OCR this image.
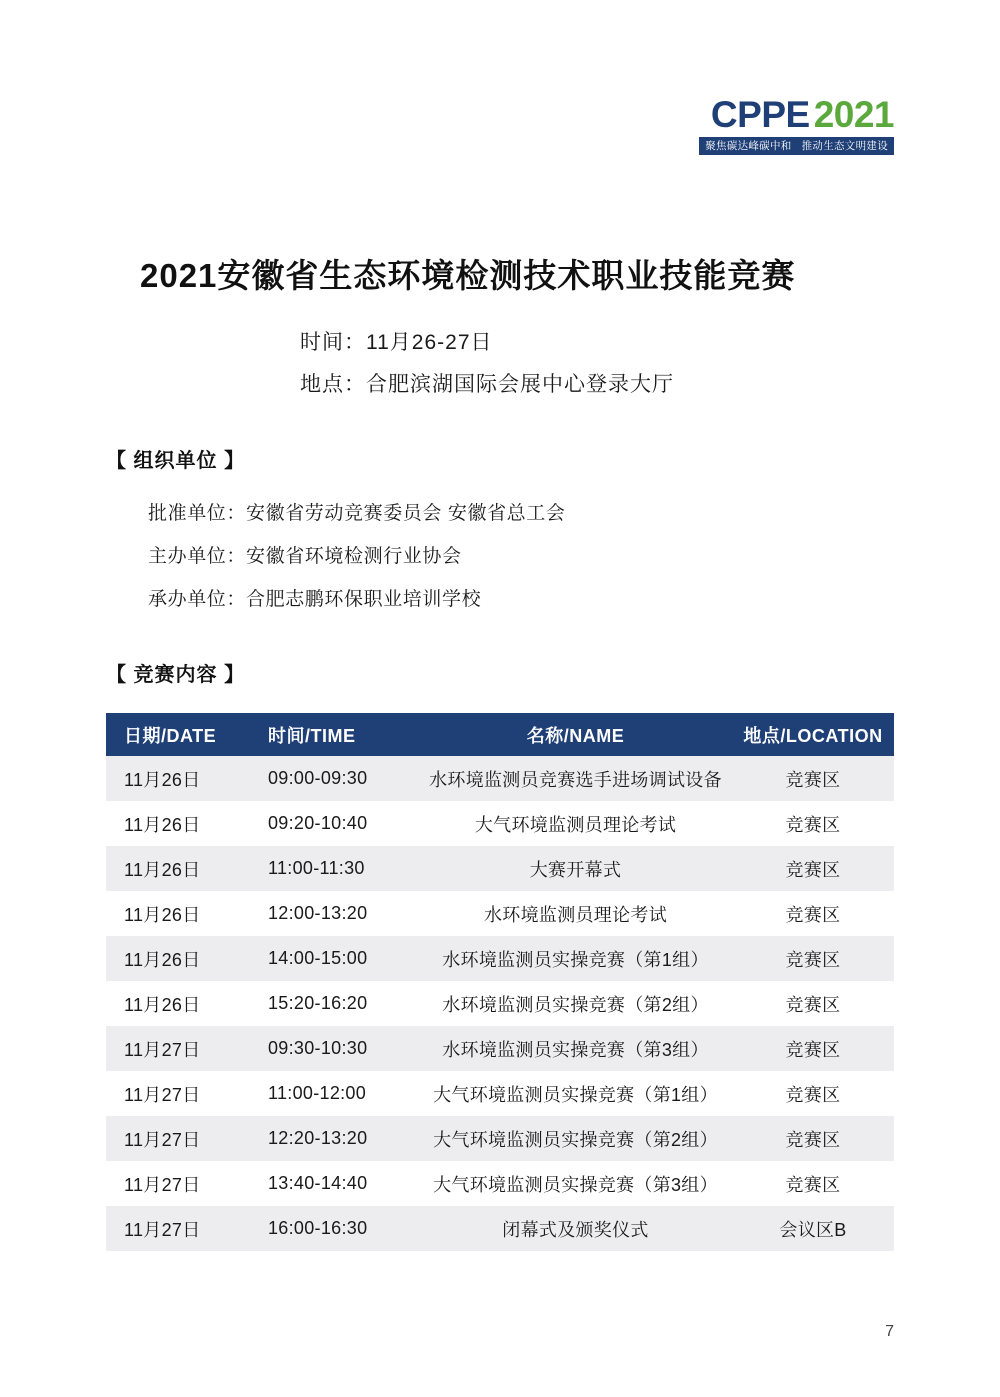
CPPE 2021
聚焦碳达峰碳中和 推动生态文明建设
2021安徽省生态环境检测技术职业技能竞赛
时间：11月26-27日
地点：合肥滨湖国际会展中心登录大厅
【 组织单位 】
批准单位：安徽省劳动竞赛委员会 安徽省总工会
主办单位：安徽省环境检测行业协会
承办单位：合肥志鹏环保职业培训学校
【 竞赛内容 】
日期/DATE	时间/TIME	名称/NAME	地点/LOCATION
11月26日	09:00-09:30	水环境监测员竞赛选手进场调试设备	竞赛区
11月26日	09:20-10:40	大气环境监测员理论考试	竞赛区
11月26日	11:00-11:30	大赛开幕式	竞赛区
11月26日	12:00-13:20	水环境监测员理论考试	竞赛区
11月26日	14:00-15:00	水环境监测员实操竞赛（第1组）	竞赛区
11月26日	15:20-16:20	水环境监测员实操竞赛（第2组）	竞赛区
11月27日	09:30-10:30	水环境监测员实操竞赛（第3组）	竞赛区
11月27日	11:00-12:00	大气环境监测员实操竞赛（第1组）	竞赛区
11月27日	12:20-13:20	大气环境监测员实操竞赛（第2组）	竞赛区
11月27日	13:40-14:40	大气环境监测员实操竞赛（第3组）	竞赛区
11月27日	16:00-16:30	闭幕式及颁奖仪式	会议区B
7
